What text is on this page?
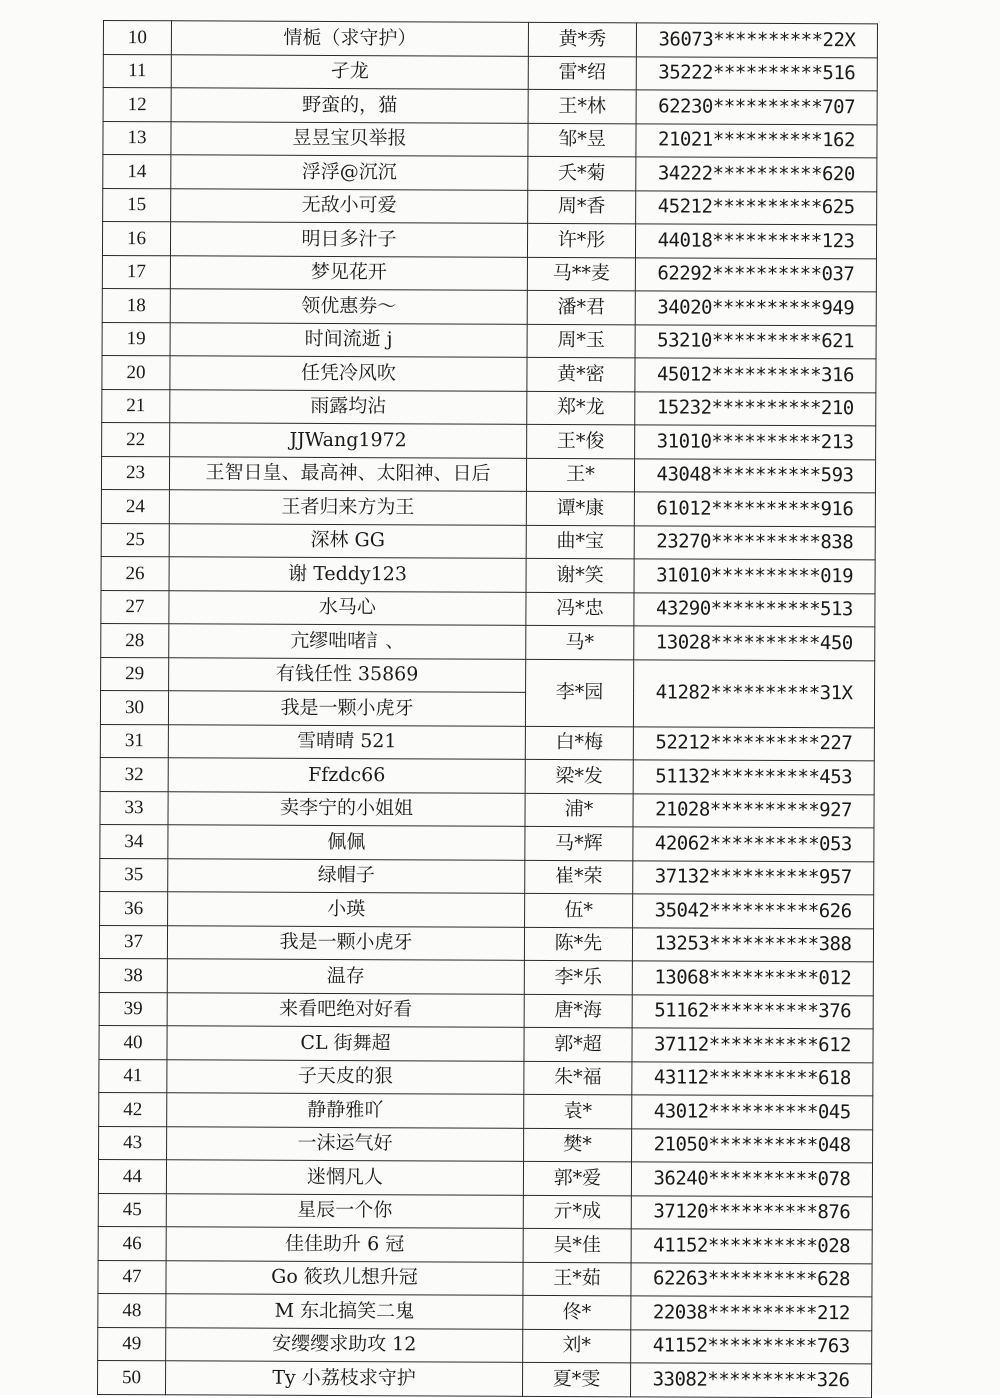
10	情栀（求守护）	黄*秀	36073**********22X
11	孑龙	雷*绍	35222**********516
12	野蛮的，猫	王*林	62230**********707
13	昱昱宝贝举报	邹*昱	21021**********162
14	浮浮@沉沉	夭*菊	34222**********620
15	无敌小可爱	周*香	45212**********625
16	明日多汁子	许*彤	44018**********123
17	梦见花开	马**麦	62292**********037
18	领优惠券～	潘*君	34020**********949
19	时间流逝 j	周*玉	53210**********621
20	任凭冷风吹	黄*密	45012**********316
21	雨露均沾	郑*龙	15232**********210
22	JJWang1972	王*俊	31010**********213
23	王智日皇、最高神、太阳神、日后	王*	43048**********593
24	王者归来方为王	谭*康	61012**********916
25	深林 GG	曲*宝	23270**********838
26	谢 Teddy123	谢*笑	31010**********019
27	水马心	冯*忠	43290**********513
28	亢缪咄啫訁、	马*	13028**********450
29	有钱任性 35869	李*园	41282**********31X
30	我是一颗小虎牙		
31	雪晴晴 521	白*梅	52212**********227
32	Ffzdc66	梁*发	51132**********453
33	卖李宁的小姐姐	浦*	21028**********927
34	佩佩	马*辉	42062**********053
35	绿帽子	崔*荣	37132**********957
36	小瑛	伍*	35042**********626
37	我是一颗小虎牙	陈*先	13253**********388
38	温存	李*乐	13068**********012
39	来看吧绝对好看	唐*海	51162**********376
40	CL 街舞超	郭*超	37112**********612
41	子天皮的狠	朱*福	43112**********618
42	静静雅吖	袁*	43012**********045
43	一沫运气好	樊*	21050**********048
44	迷惘凡人	郭*爱	36240**********078
45	星辰一个你	亓*成	37120**********876
46	佳佳助升 6 冠	吴*佳	41152**********028
47	Go 筱玖儿想升冠	王*茹	62263**********628
48	M 东北搞笑二鬼	佟*	22038**********212
49	安缨缨求助攻 12	刘*	41152**********763
50	Ty 小荔枝求守护	夏*雯	33082**********326
